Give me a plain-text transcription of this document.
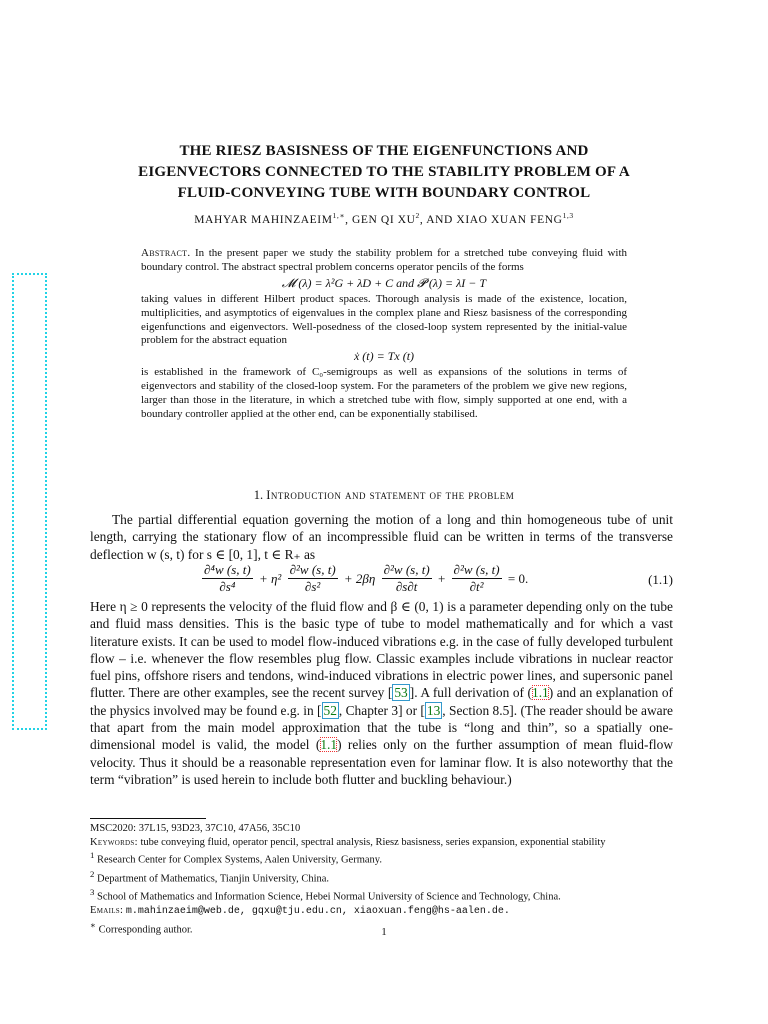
THE RIESZ BASISNESS OF THE EIGENFUNCTIONS AND
EIGENVECTORS CONNECTED TO THE STABILITY PROBLEM OF A
FLUID-CONVEYING TUBE WITH BOUNDARY CONTROL
MAHYAR $MAHINZAEIM^{1,∗}$, GEN QI $XU^2$, AND XIAO XUAN FENG$^{1,3}$

Abstract. In the present paper we study the stability problem for a stretched tube conveying fluid with boundary control. The abstract spectral problem concerns operator pencils of the forms

𝓜 (λ) = λ²G + λD + C and 𝓟 (λ) = λI − T

taking values in different Hilbert product spaces. Thorough analysis is made of the existence, location, multiplicities, and asymptotics of eigenvalues in the complex plane and Riesz basisness of the corresponding eigenfunctions and eigenvectors. Well-posedness of the closed-loop system represented by the initial-value problem for the abstract equation

ẋ (t) = Tx (t)

is established in the framework of C₀-semigroups as well as expansions of the solutions in terms of eigenvectors and stability of the closed-loop system. For the parameters of the problem we give new regions, larger than those in the literature, in which a stretched tube with flow, simply supported at one end, with a boundary controller applied at the other end, can be exponentially stabilised.

1. Introduction and statement of the problem

The partial differential equation governing the motion of a long and thin homogeneous tube of unit length, carrying the stationary flow of an incompressible fluid can be written in terms of the transverse deflection w (s, t) for s ∈ [0, 1], t ∈ R₊ as

$\frac{\text{∂⁴w (s, t)}}{\text{∂s⁴}} + \eta^2 \frac{\text{∂²w (s, t)}}{\text{∂s²}} + 2\beta\eta \frac{\text{∂²w (s, t)}}{\partial s\partial t} + \frac{\text{∂²w (s, t)}}{\text{∂t²}} = 0$.	(1.1)

Here η ≥ 0 represents the velocity of the fluid flow and β ∈ (0, 1) is a parameter depending only on the tube and fluid mass densities. This is the basic type of tube to model mathematically and for which a vast literature exists. It can be used to model flow-induced vibrations e.g. in the case of fully developed turbulent flow – i.e. whenever the flow resembles plug flow. Classic examples include vibrations in nuclear reactor fuel pins, offshore risers and tendons, wind-induced vibrations in electric power lines, and supersonic panel flutter. There are other examples, see the recent survey [ 53 ]. A full derivation of (1.1) and an explanation of the physics involved may be found e.g. in [ 52 , Chapter 3] or [ 13 , Section 8.5]. (The reader should be aware that apart from the main model approximation that the tube is “long and thin”, so a spatially one-dimensional model is valid, the model (1.1) relies only on the further assumption of mean fluid-flow velocity. Thus it should be a reasonable representation even for laminar flow. It is also noteworthy that the term “vibration” is used herein to include both flutter and buckling behaviour.)

MSC2020: 37L15, 93D23, 37C10, 47A56, 35C10
Keywords: tube conveying fluid, operator pencil, spectral analysis, Riesz basisness, series expansion, exponential stability
$^1$ Research Center for Complex Systems, Aalen University, Germany.
$^2$ Department of Mathematics, Tianjin University, China.
$^3$ School of Mathematics and Information Science, Hebei Normal University of Science and Technology, China.
Emails: m.mahinzaeim@web.de, gqxu@tju.edu.cn, xiaoxuan.feng@hs-aalen.de.
∗ Corresponding author.	1
